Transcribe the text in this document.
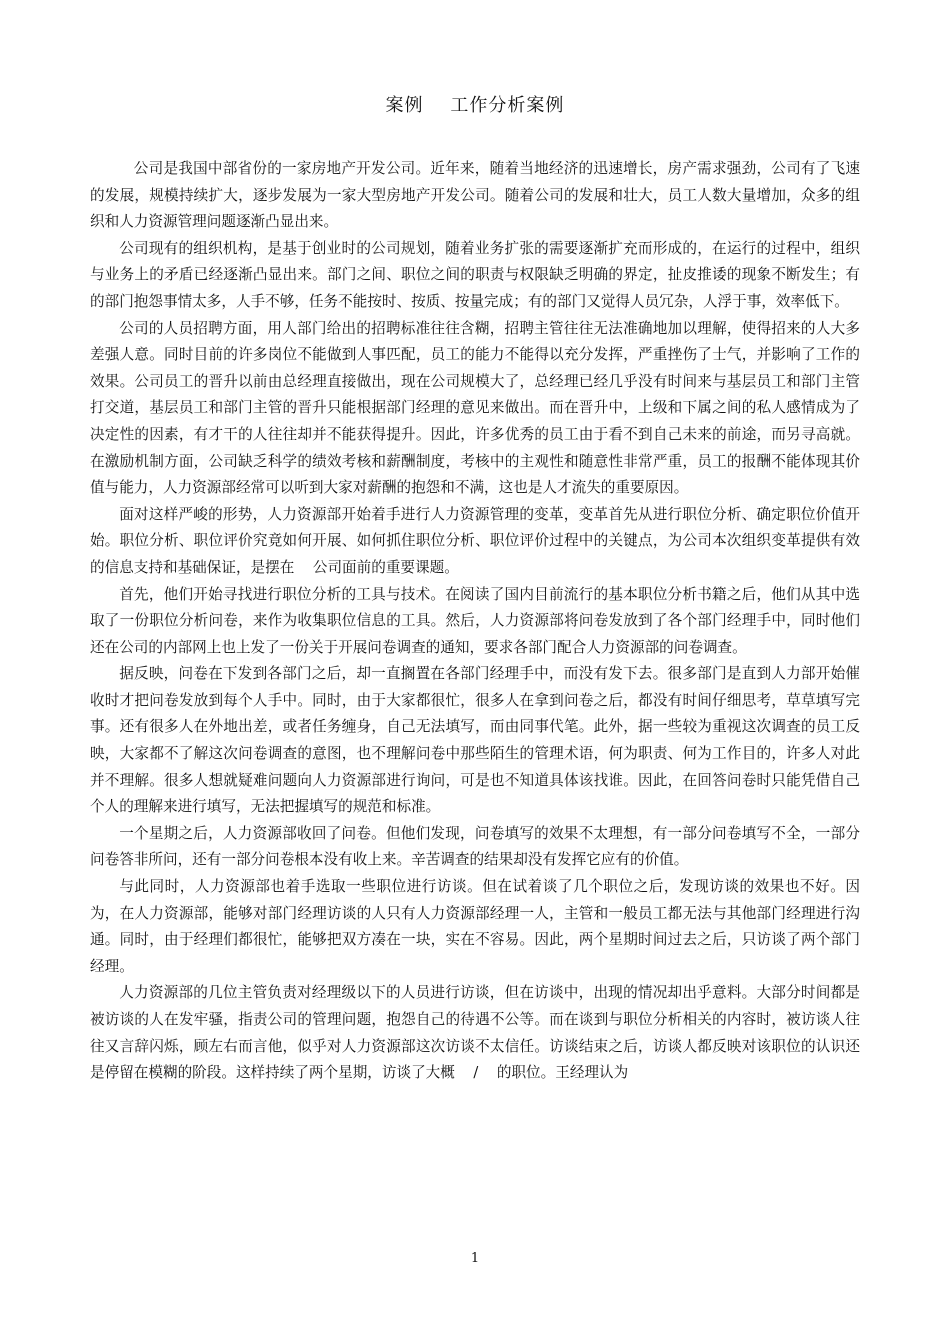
案例    工作分析案例

公司是我国中部省份的一家房地产开发公司。近年来，随着当地经济的迅速增长，房产需求强劲，公司有了飞速的发展，规模持续扩大，逐步发展为一家大型房地产开发公司。随着公司的发展和壮大，员工人数大量增加，众多的组织和人力资源管理问题逐渐凸显出来。

公司现有的组织机构，是基于创业时的公司规划，随着业务扩张的需要逐渐扩充而形成的，在运行的过程中，组织与业务上的矛盾已经逐渐凸显出来。部门之间、职位之间的职责与权限缺乏明确的界定，扯皮推诿的现象不断发生；有的部门抱怨事情太多，人手不够，任务不能按时、按质、按量完成；有的部门又觉得人员冗杂，人浮于事，效率低下。

公司的人员招聘方面，用人部门给出的招聘标准往往含糊，招聘主管往往无法准确地加以理解，使得招来的人大多差强人意。同时目前的许多岗位不能做到人事匹配，员工的能力不能得以充分发挥，严重挫伤了士气，并影响了工作的效果。公司员工的晋升以前由总经理直接做出，现在公司规模大了，总经理已经几乎没有时间来与基层员工和部门主管打交道，基层员工和部门主管的晋升只能根据部门经理的意见来做出。而在晋升中，上级和下属之间的私人感情成为了决定性的因素，有才干的人往往却并不能获得提升。因此，许多优秀的员工由于看不到自己未来的前途，而另寻高就。在激励机制方面，公司缺乏科学的绩效考核和薪酬制度，考核中的主观性和随意性非常严重，员工的报酬不能体现其价值与能力，人力资源部经常可以听到大家对薪酬的抱怨和不满，这也是人才流失的重要原因。

面对这样严峻的形势，人力资源部开始着手进行人力资源管理的变革，变革首先从进行职位分析、确定职位价值开始。职位分析、职位评价究竟如何开展、如何抓住职位分析、职位评价过程中的关键点，为公司本次组织变革提供有效的信息支持和基础保证，是摆在    公司面前的重要课题。

首先，他们开始寻找进行职位分析的工具与技术。在阅读了国内目前流行的基本职位分析书籍之后，他们从其中选取了一份职位分析问卷，来作为收集职位信息的工具。然后，人力资源部将问卷发放到了各个部门经理手中，同时他们还在公司的内部网上也上发了一份关于开展问卷调查的通知，要求各部门配合人力资源部的问卷调查。

据反映，问卷在下发到各部门之后，却一直搁置在各部门经理手中，而没有发下去。很多部门是直到人力部开始催收时才把问卷发放到每个人手中。同时，由于大家都很忙，很多人在拿到问卷之后，都没有时间仔细思考，草草填写完事。还有很多人在外地出差，或者任务缠身，自己无法填写，而由同事代笔。此外，据一些较为重视这次调查的员工反映，大家都不了解这次问卷调查的意图，也不理解问卷中那些陌生的管理术语，何为职责、何为工作目的，许多人对此并不理解。很多人想就疑难问题向人力资源部进行询问，可是也不知道具体该找谁。因此，在回答问卷时只能凭借自己个人的理解来进行填写，无法把握填写的规范和标准。

一个星期之后，人力资源部收回了问卷。但他们发现，问卷填写的效果不太理想，有一部分问卷填写不全，一部分问卷答非所问，还有一部分问卷根本没有收上来。辛苦调查的结果却没有发挥它应有的价值。

与此同时，人力资源部也着手选取一些职位进行访谈。但在试着谈了几个职位之后，发现访谈的效果也不好。因为，在人力资源部，能够对部门经理访谈的人只有人力资源部经理一人，主管和一般员工都无法与其他部门经理进行沟通。同时，由于经理们都很忙，能够把双方凑在一块，实在不容易。因此，两个星期时间过去之后，只访谈了两个部门经理。

人力资源部的几位主管负责对经理级以下的人员进行访谈，但在访谈中，出现的情况却出乎意料。大部分时间都是被访谈的人在发牢骚，指责公司的管理问题，抱怨自己的待遇不公等。而在谈到与职位分析相关的内容时，被访谈人往往又言辞闪烁，顾左右而言他，似乎对人力资源部这次访谈不太信任。访谈结束之后，访谈人都反映对该职位的认识还是停留在模糊的阶段。这样持续了两个星期，访谈了大概    /    的职位。王经理认为

1
